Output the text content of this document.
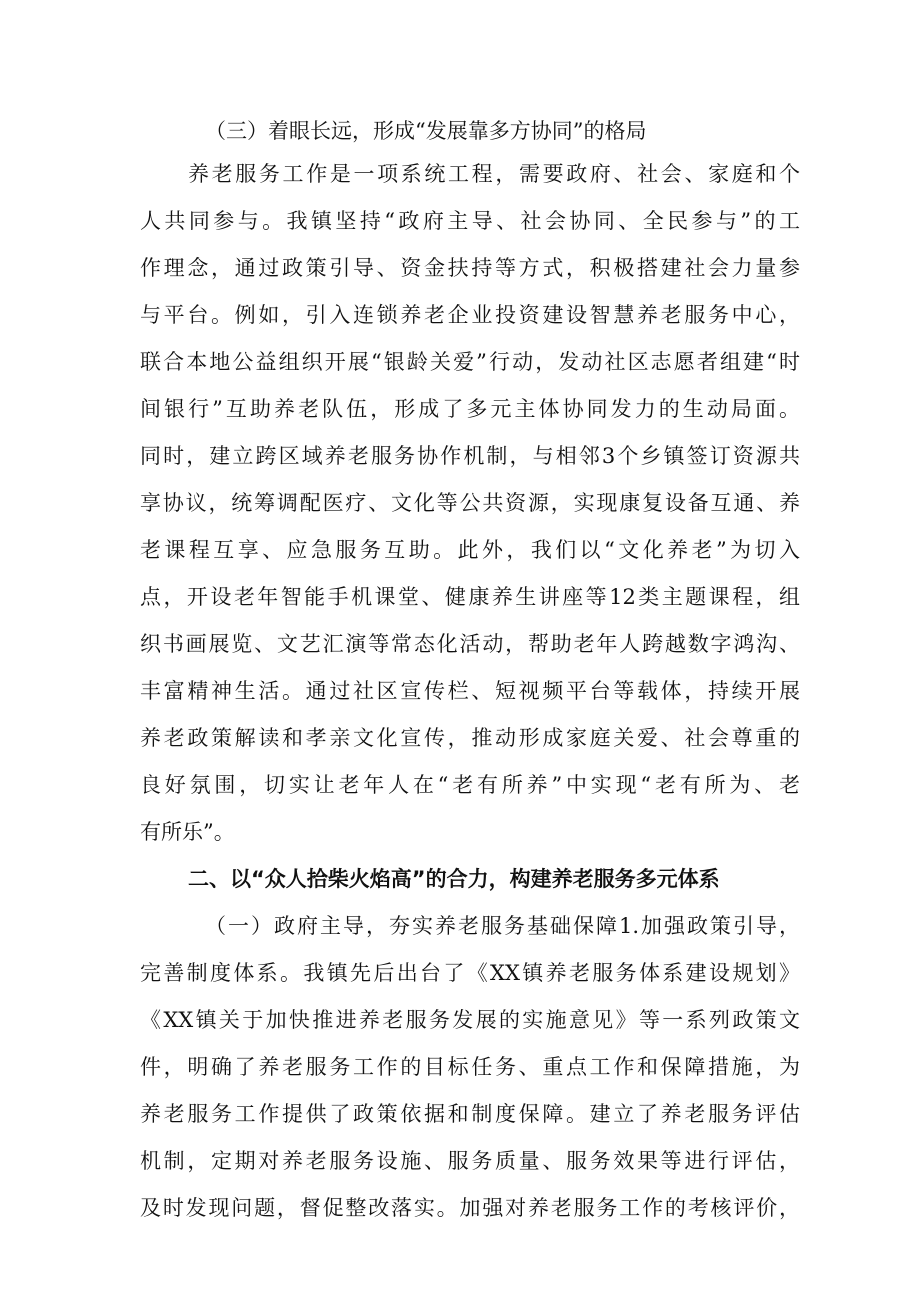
（三）着眼长远，形成“发展靠多方协同”的格局
养老服务工作是一项系统工程，需要政府、社会、家庭和个
人共同参与。我镇坚持“政府主导、社会协同、全民参与”的工
作理念，通过政策引导、资金扶持等方式，积极搭建社会力量参
与平台。例如，引入连锁养老企业投资建设智慧养老服务中心，
联合本地公益组织开展“银龄关爱”行动，发动社区志愿者组建“时
间银行”互助养老队伍，形成了多元主体协同发力的生动局面。
同时，建立跨区域养老服务协作机制，与相邻3个乡镇签订资源共
享协议，统筹调配医疗、文化等公共资源，实现康复设备互通、养
老课程互享、应急服务互助。此外，我们以“文化养老”为切入
点，开设老年智能手机课堂、健康养生讲座等12类主题课程，组
织书画展览、文艺汇演等常态化活动，帮助老年人跨越数字鸿沟、
丰富精神生活。通过社区宣传栏、短视频平台等载体，持续开展
养老政策解读和孝亲文化宣传，推动形成家庭关爱、社会尊重的
良好氛围，切实让老年人在“老有所养”中实现“老有所为、老
有所乐”。
二、以“众人拾柴火焰高”的合力，构建养老服务多元体系
（一）政府主导，夯实养老服务基础保障1.加强政策引导，
完善制度体系。我镇先后出台了《XX镇养老服务体系建设规划》
《XX镇关于加快推进养老服务发展的实施意见》等一系列政策文
件，明确了养老服务工作的目标任务、重点工作和保障措施，为
养老服务工作提供了政策依据和制度保障。建立了养老服务评估
机制，定期对养老服务设施、服务质量、服务效果等进行评估，
及时发现问题，督促整改落实。加强对养老服务工作的考核评价，
